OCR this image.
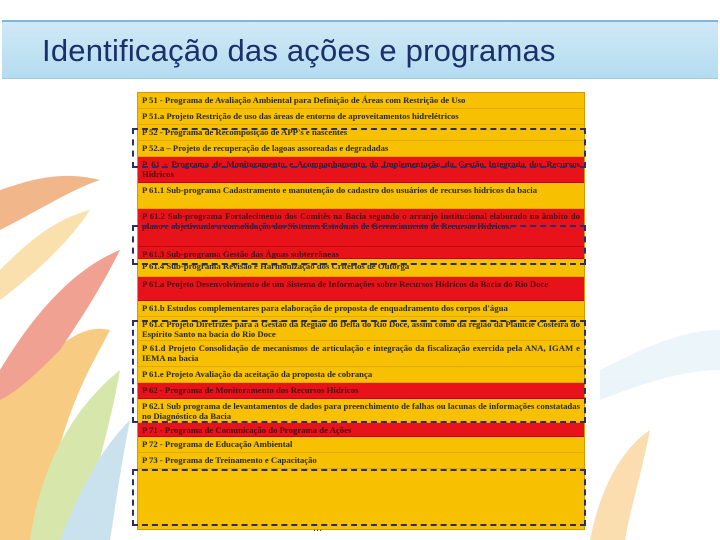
Identificação das ações e programas
P 51 - Programa de Avaliação Ambiental para Definição de Áreas com Restrição de Uso
P 51.a Projeto Restrição de uso das áreas de entorno de aproveitamentos hidrelétricos
P 52 - Programa de Recomposição de APP's e nascentes
P 52.a – Projeto de recuperação de lagoas assoreadas e degradadas
P 61 - Programa de Monitoramento e Acompanhamento da Implementação da Gestão Integrada dos Recursos Hídricos
P 61.1 Sub-programa Cadastramento e manutenção do cadastro dos usuários de recursos hídricos da bacia
P 61.2 Sub-programa Fortalecimento dos Comitês na Bacia segundo o arranjo institucional elaborado no âmbito do plano e objetivando a consolidação dos Sistemas Estaduais de Gerenciamento de Recursos Hídricos.
P 61.3 Sub-programa Gestão das Águas subterrâneas
P 61.4 Sub-programa Revisão e Harmonização dos Critérios de Outorga
P 61.a Projeto Desenvolvimento de um Sistema de Informações sobre Recursos Hídricos da Bacia do Rio Doce
P 61.b Estudos complementares para elaboração de proposta de enquadramento dos corpos d'água
P 61.c Projeto Diretrizes para a Gestão da Região do Delta do Rio Doce, assim como da região da Planície Costeira do Espírito Santo na bacia do Rio Doce
P 61.d Projeto Consolidação de mecanismos de articulação e integração da fiscalização exercida pela ANA, IGAM e IEMA na bacia
P 61.e Projeto Avaliação da aceitação da proposta de cobrança
P 62 - Programa de Monitoramento dos Recursos Hídricos
P 62.1 Sub programa de levantamentos de dados para preenchimento de falhas ou lacunas de informações constatadas no Diagnóstico da Bacia
P 71 - Programa de Comunicação do Programa de Ações
P 72 - Programa de Educação Ambiental
P 73 - Programa de Treinamento e Capacitação
...
